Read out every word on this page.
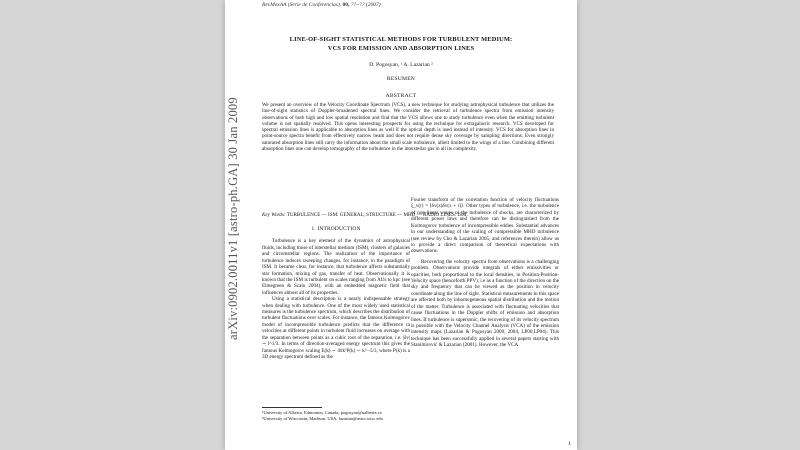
RevMexAA (Serie de Conferencias), 00, ??–?? (2007)
LINE-OF-SIGHT STATISTICAL METHODS FOR TURBULENT MEDIUM:
VCS FOR EMISSION AND ABSORPTION LINES
D. Pogosyan, ¹ A. Lazarian ²
RESUMEN
ABSTRACT

We present an overview of the Velocity Coordinate Spectrum (VCS), a new technique for studying astrophysical turbulence that utilizes the line-of-sight statistics of Doppler-broadened spectral lines. We consider the retrieval of turbulence spectra from emission intensity observations of both high and low spatial resolution and find that the VCS allows one to study turbulence even when the emitting turbulent volume is not spatially resolved. This opens interesting prospects for using the technique for extragalactic research. VCS developed for spectral emission lines is applicable to absorption lines as well if the optical depth is used instead of intensity. VCS for absorption lines in point-source spectra benefit from effectively narrow beam and does not require dense sky coverage by sampling directions. Even strongly saturated absorption lines still carry the information about the small scale turbulence, albeit limited to the wings of a line. Combining different absorption lines one can develop tomography of the turbulence in the interstellar gas in all its complexity.

Key Words: TURBULENCE — ISM: GENERAL, STRUCTURE — MHD — RADIO LINES: ISM.
1. INTRODUCTION

Turbulence is a key element of the dynamics of astrophysical fluids, including those of interstellar medium (ISM), clusters of galaxies and circumstellar regions. The realization of the importance of turbulence induces sweeping changes, for instance, in the paradigm of ISM. It became clear, for instance, that turbulence affects substantially star formation, mixing of gas, transfer of heat. Observationally it is known that the ISM is turbulent on scales ranging from AUs to kpc (see Elmegreen & Scalo 2004), with an embedded magnetic field that influences almost all of its properties.

Using a statistical description is a nearly indispensable strategy when dealing with turbulence. One of the most widely used statistical measures is the turbulence spectrum, which describes the distribution of turbulent fluctuations over scales. For instance, the famous Kolmogorov model of incompressible turbulence predicts that the difference in velocities at different points in turbulent fluid increases on average with the separation between points as a cubic root of the separation, i.e. |δv| ∼ l^1/3. In terms of direction-averaged energy spectrum this gives the famous Kolmogorov scaling E(k) ∼ 4πk²P(k) ∼ k^−5/3, where P(k) is a 3D energy spectrum defined as the

Fourier transform of the correlation function of velocity fluctuations ξ_v(r) = ⟨δv(x)δv(x + r)⟩. Other types of turbulence, i.e. the turbulence of non-linear waves or the turbulence of shocks, are characterized by different power laws and therefore can be distinguished from the Kolmogorov turbulence of incompressible eddies. Substantial advances in our understanding of the scaling of compressible MHD turbulence (see review by Cho & Lazarian 2005, and references therein) allow us to provide a direct comparison of theoretical expectations with observations.

Recovering the velocity spectra from observations is a challenging problem. Observations provide integrals of either emissivities or opacities, both proportional to the local densities, in Position-Position-Velocity space (henceforth PPV), i.e as a function of the direction on the sky and frequency that can be viewed as the position in velocity coordinate along the line of sight. Statistical measurements in this space are affected both by inhomogeneous spatial distribution and the motion of the matter. Turbulence is associated with fluctuating velocities that cause fluctuations in the Doppler shifts of emission and absorption lines. If turbulence is supersonic, the recovering of its velocity spectrum is possible with the Velocity Channel Analysis (VCA) of the emission intensity maps (Lazarian & Pogosyan 2000, 2004, LP00,LP04). This technique has been successfully applied in several papers starting with Stanimirović & Lazarian (2001). However, the VCA

¹University of Alberta, Edmonton, Canada, pogosyan@ualberta.ca
²University of Wisconsin, Madison, USA, lazarian@astro.wisc.edu
1
arXiv:0902.0011v1 [astro-ph.GA] 30 Jan 2009
